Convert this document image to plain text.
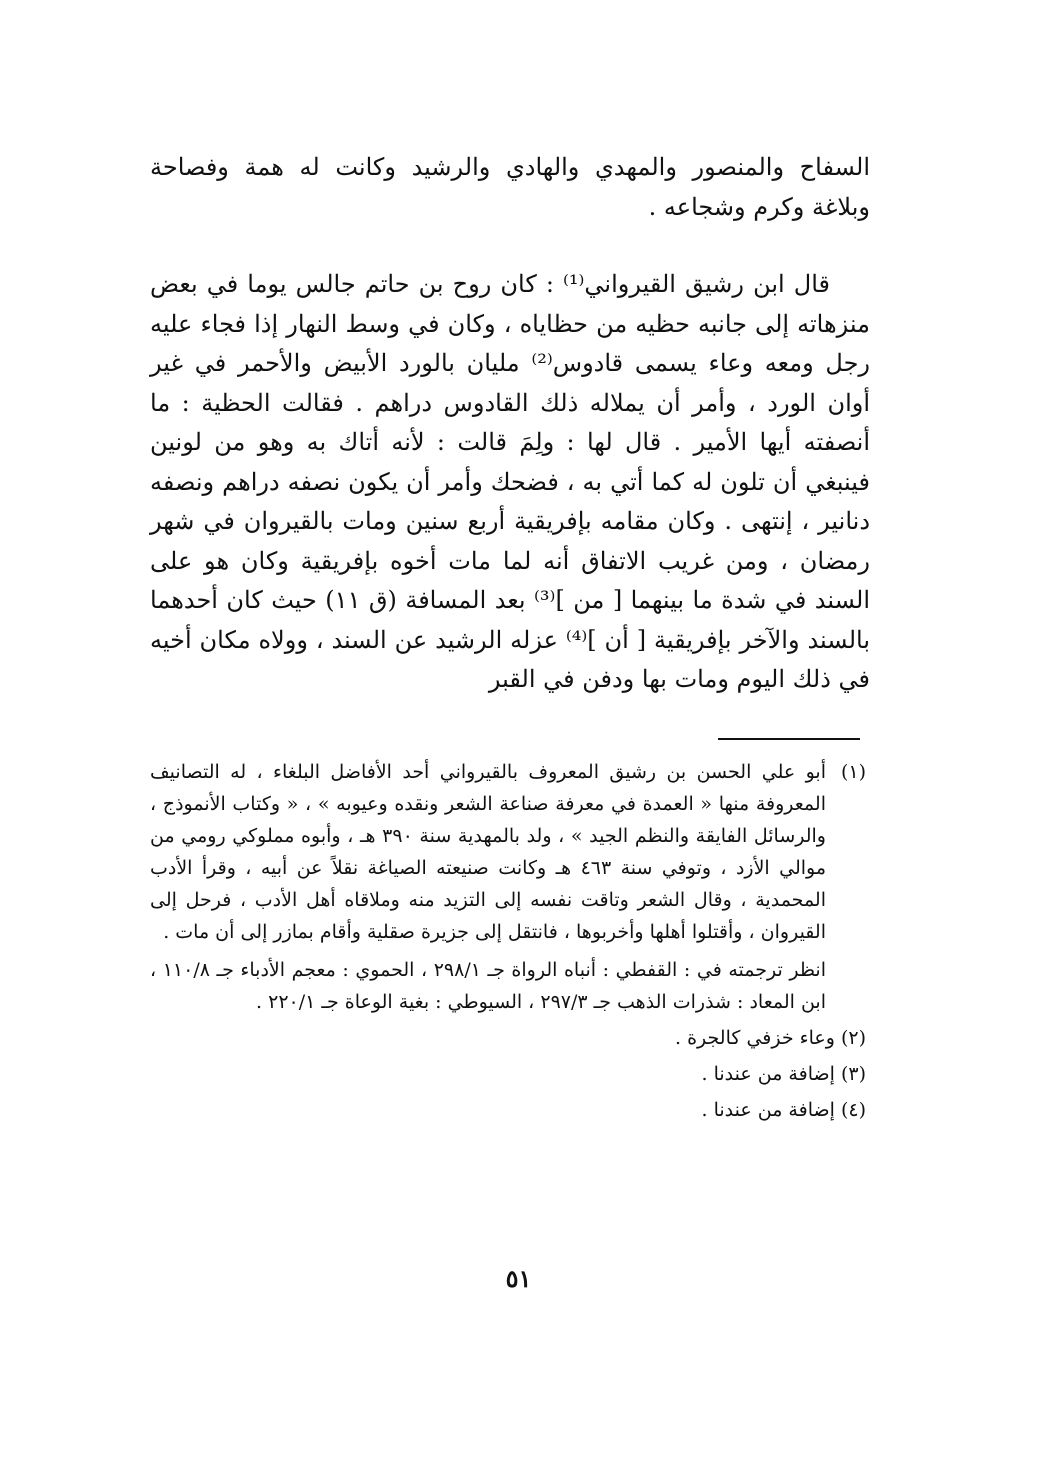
السفاح والمنصور والمهدي والهادي والرشيد وكانت له همة وفصاحة وبلاغة وكرم وشجاعه .

قال ابن رشيق القيرواني⁽¹⁾ : كان روح بن حاتم جالس يوما في بعض منزهاته إلى جانبه حظيه من حظاياه ، وكان في وسط النهار إذا فجاء عليه رجل ومعه وعاء يسمى قادوس⁽²⁾ مليان بالورد الأبيض والأحمر في غير أوان الورد ، وأمر أن يملاله ذلك القادوس دراهم . فقالت الحظية : ما أنصفته أيها الأمير . قال لها : ولِمَ قالت : لأنه أتاك به وهو من لونين فينبغي أن تلون له كما أتي به ، فضحك وأمر أن يكون نصفه دراهم ونصفه دنانير ، إنتهى . وكان مقامه بإفريقية أربع سنين ومات بالقيروان في شهر رمضان ، ومن غريب الاتفاق أنه لما مات أخوه بإفريقية وكان هو على السند في شدة ما بينهما [ من ]⁽³⁾ بعد المسافة (ق ١١) حيث كان أحدهما بالسند والآخر بإفريقية [ أن ]⁽⁴⁾ عزله الرشيد عن السند ، وولاه مكان أخيه في ذلك اليوم ومات بها ودفن في القبر

(١)أبو علي الحسن بن رشيق المعروف بالقيرواني أحد الأفاضل البلغاء ، له التصانيف المعروفة منها « العمدة في معرفة صناعة الشعر ونقده وعيوبه » ، « وكتاب الأنموذج ، والرسائل الفايقة والنظم الجيد » ، ولد بالمهدية سنة ٣٩٠ هـ ، وأبوه مملوكي رومي من موالي الأزد ، وتوفي سنة ٤٦٣ هـ وكانت صنيعته الصياغة نقلاً عن أبيه ، وقرأ الأدب المحمدية ، وقال الشعر وتاقت نفسه إلى التزيد منه وملاقاه أهل الأدب ، فرحل إلى القيروان ، وأقتلوا أهلها وأخربوها ، فانتقل إلى جزيرة صقلية وأقام بمازر إلى أن مات .

انظر ترجمته في : القفطي : أنباه الرواة جـ ٢٩٨/١ ، الحموي : معجم الأدباء جـ ١١٠/٨ ، ابن المعاد : شذرات الذهب جـ ٢٩٧/٣ ، السيوطي : بغية الوعاة جـ ٢٢٠/١ .

(٢) وعاء خزفي كالجرة .

(٣) إضافة من عندنا .

(٤) إضافة من عندنا .

٥١
